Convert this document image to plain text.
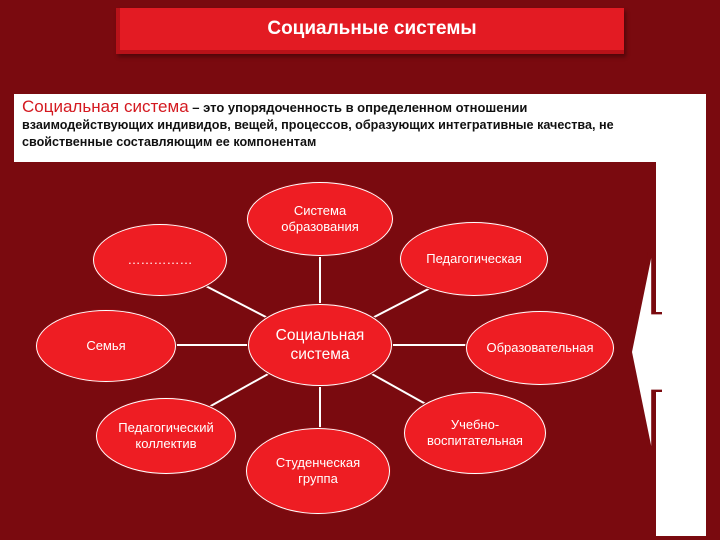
Социальные системы
Социальная система – это упорядоченность в определенном отношении
взаимодействующих индивидов, вещей, процессов, образующих интегративные качества, не свойственные составляющим ее компонентам
Социальная
система
Система
образования
……………	Педагогическая
Семья	Образовательная
Педагогический
коллектив
Студенческая
группа
Учебно-
воспитательная
